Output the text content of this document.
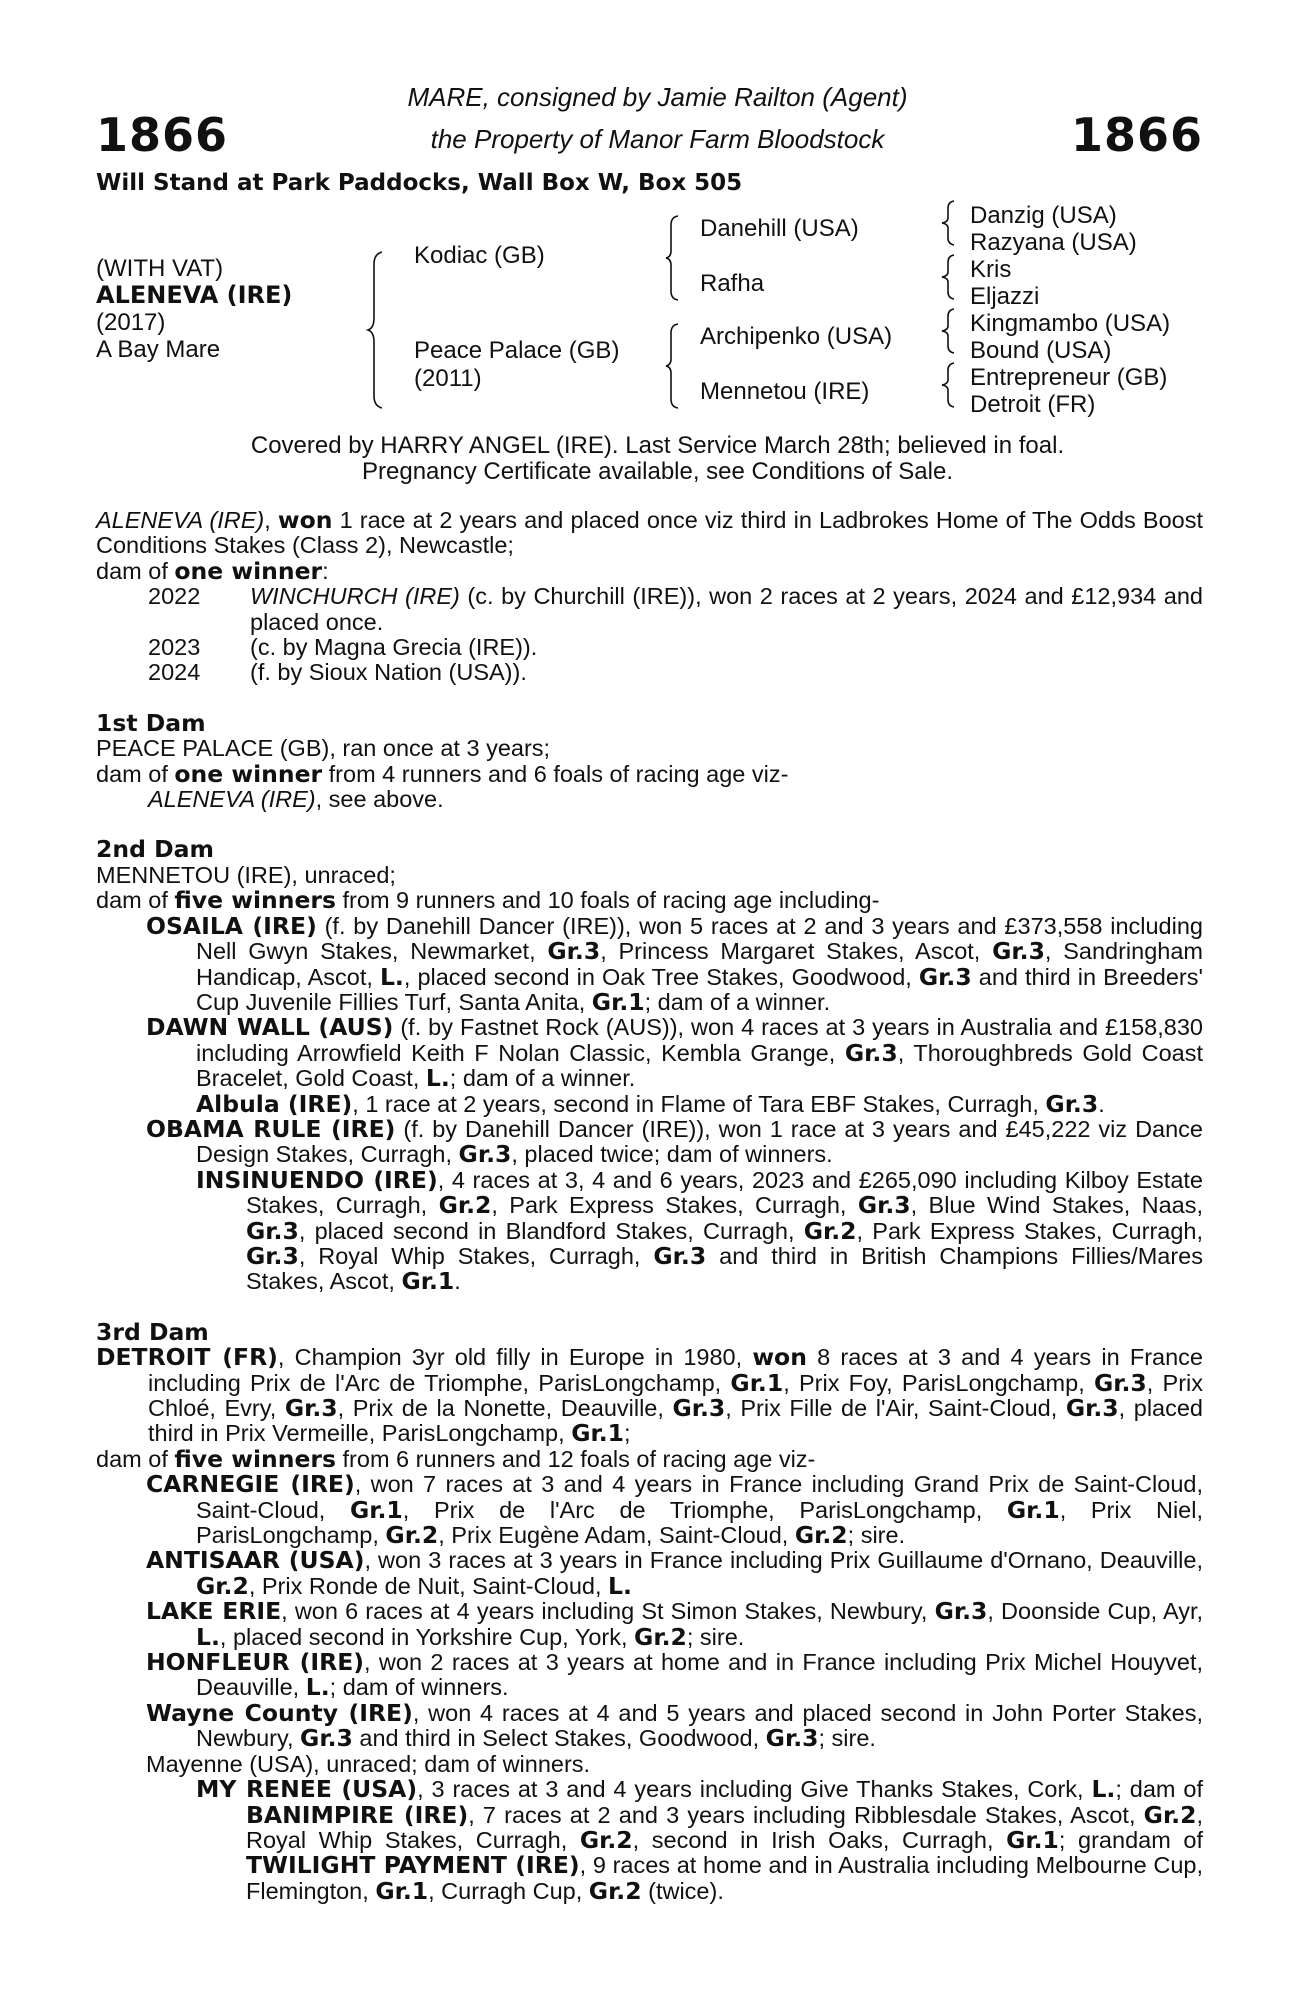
1866	1866
MARE, consigned by Jamie Railton (Agent)
the Property of Manor Farm Bloodstock
Will Stand at Park Paddocks, Wall Box W, Box 505
(WITH VAT)
ALENEVA (IRE)
(2017)
A Bay Mare
Kodiac (GB)
Peace Palace (GB)
(2011)
Danehill (USA)
Rafha
Archipenko (USA)
Mennetou (IRE)
Danzig (USA)
Razyana (USA)
Kris
Eljazzi
Kingmambo (USA)
Bound (USA)
Entrepreneur (GB)
Detroit (FR)
Covered by HARRY ANGEL (IRE). Last Service March 28th; believed in foal.
Pregnancy Certificate available, see Conditions of Sale.
ALENEVA (IRE), won 1 race at 2 years and placed once viz third in Ladbrokes Home of The Odds Boost Conditions Stakes (Class 2), Newcastle;
dam of one winner:
2022	WINCHURCH (IRE) (c. by Churchill (IRE)), won 2 races at 2 years, 2024 and £12,934 and placed once.
2023	(c. by Magna Grecia (IRE)).
2024	(f. by Sioux Nation (USA)).
1st Dam
PEACE PALACE (GB), ran once at 3 years;
dam of one winner from 4 runners and 6 foals of racing age viz-
ALENEVA (IRE), see above.
2nd Dam
MENNETOU (IRE), unraced;
dam of five winners from 9 runners and 10 foals of racing age including-
OSAILA (IRE) (f. by Danehill Dancer (IRE)), won 5 races at 2 and 3 years and £373,558 including Nell Gwyn Stakes, Newmarket, Gr.3, Princess Margaret Stakes, Ascot, Gr.3, Sandringham Handicap, Ascot, L., placed second in Oak Tree Stakes, Goodwood, Gr.3 and third in Breeders' Cup Juvenile Fillies Turf, Santa Anita, Gr.1; dam of a winner.
DAWN WALL (AUS) (f. by Fastnet Rock (AUS)), won 4 races at 3 years in Australia and £158,830 including Arrowfield Keith F Nolan Classic, Kembla Grange, Gr.3, Thoroughbreds Gold Coast Bracelet, Gold Coast, L.; dam of a winner.
Albula (IRE), 1 race at 2 years, second in Flame of Tara EBF Stakes, Curragh, Gr.3.
OBAMA RULE (IRE) (f. by Danehill Dancer (IRE)), won 1 race at 3 years and £45,222 viz Dance Design Stakes, Curragh, Gr.3, placed twice; dam of winners.
INSINUENDO (IRE), 4 races at 3, 4 and 6 years, 2023 and £265,090 including Kilboy Estate Stakes, Curragh, Gr.2, Park Express Stakes, Curragh, Gr.3, Blue Wind Stakes, Naas, Gr.3, placed second in Blandford Stakes, Curragh, Gr.2, Park Express Stakes, Curragh, Gr.3, Royal Whip Stakes, Curragh, Gr.3 and third in British Champions Fillies/Mares Stakes, Ascot, Gr.1.
3rd Dam
DETROIT (FR), Champion 3yr old filly in Europe in 1980, won 8 races at 3 and 4 years in France including Prix de l'Arc de Triomphe, ParisLongchamp, Gr.1, Prix Foy, ParisLongchamp, Gr.3, Prix Chloé, Evry, Gr.3, Prix de la Nonette, Deauville, Gr.3, Prix Fille de l'Air, Saint-Cloud, Gr.3, placed third in Prix Vermeille, ParisLongchamp, Gr.1;
dam of five winners from 6 runners and 12 foals of racing age viz-
CARNEGIE (IRE), won 7 races at 3 and 4 years in France including Grand Prix de Saint-Cloud, Saint-Cloud, Gr.1, Prix de l'Arc de Triomphe, ParisLongchamp, Gr.1, Prix Niel, ParisLongchamp, Gr.2, Prix Eugène Adam, Saint-Cloud, Gr.2; sire.
ANTISAAR (USA), won 3 races at 3 years in France including Prix Guillaume d'Ornano, Deauville, Gr.2, Prix Ronde de Nuit, Saint-Cloud, L.
LAKE ERIE, won 6 races at 4 years including St Simon Stakes, Newbury, Gr.3, Doonside Cup, Ayr, L., placed second in Yorkshire Cup, York, Gr.2; sire.
HONFLEUR (IRE), won 2 races at 3 years at home and in France including Prix Michel Houyvet, Deauville, L.; dam of winners.
Wayne County (IRE), won 4 races at 4 and 5 years and placed second in John Porter Stakes, Newbury, Gr.3 and third in Select Stakes, Goodwood, Gr.3; sire.
Mayenne (USA), unraced; dam of winners.
MY RENEE (USA), 3 races at 3 and 4 years including Give Thanks Stakes, Cork, L.; dam of BANIMPIRE (IRE), 7 races at 2 and 3 years including Ribblesdale Stakes, Ascot, Gr.2, Royal Whip Stakes, Curragh, Gr.2, second in Irish Oaks, Curragh, Gr.1; grandam of TWILIGHT PAYMENT (IRE), 9 races at home and in Australia including Melbourne Cup, Flemington, Gr.1, Curragh Cup, Gr.2 (twice).
